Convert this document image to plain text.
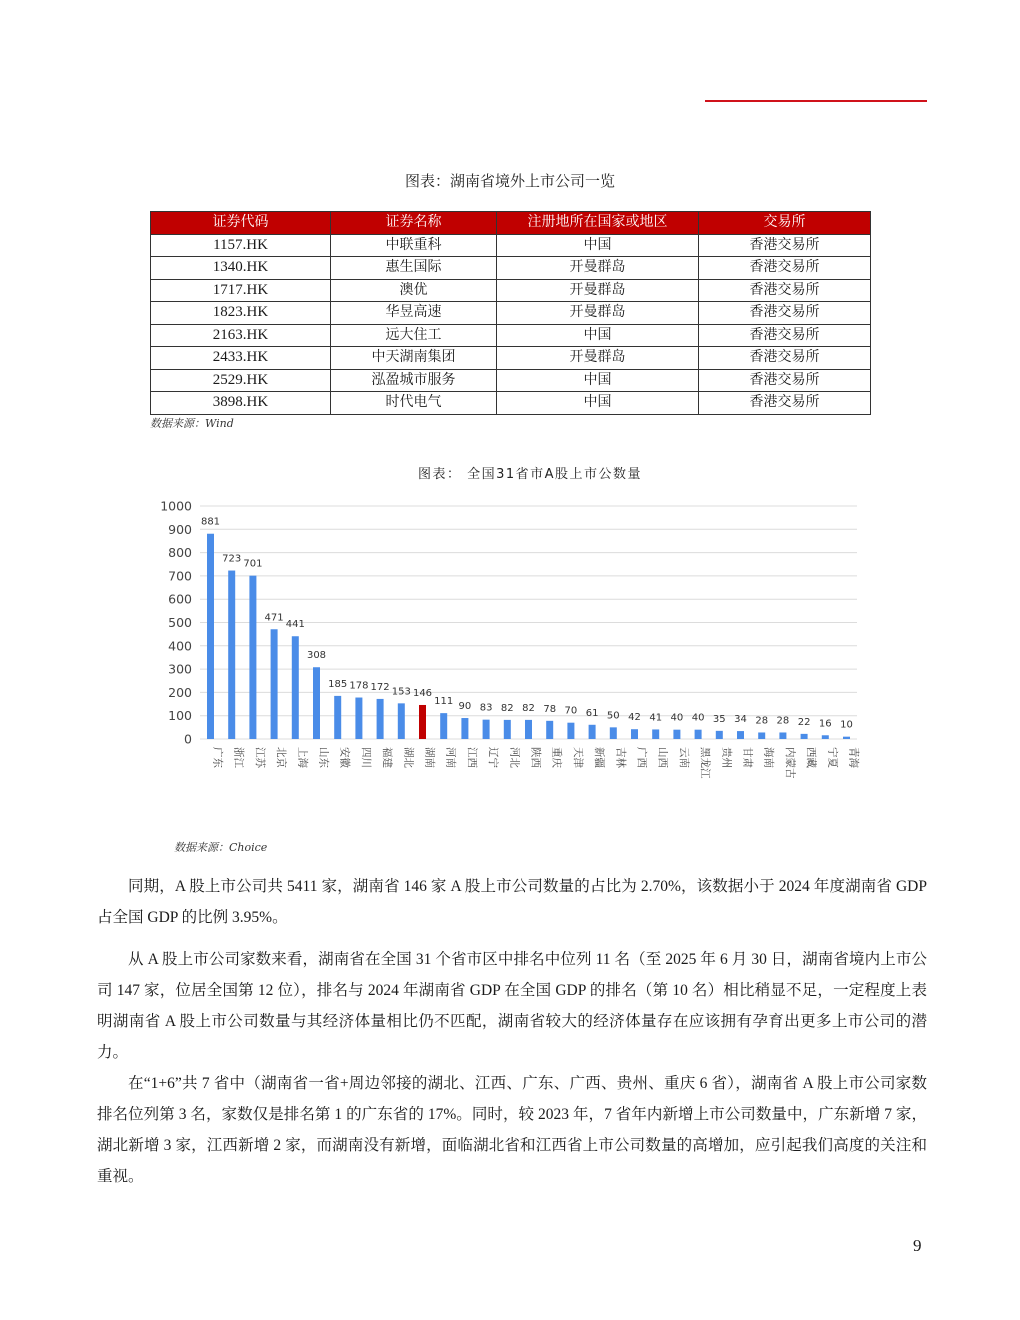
图表：湖南省境外上市公司一览
证券代码	证券名称	注册地所在国家或地区	交易所
1157.HK	中联重科	中国	香港交易所
1340.HK	惠生国际	开曼群岛	香港交易所
1717.HK	澳优	开曼群岛	香港交易所
1823.HK	华昱高速	开曼群岛	香港交易所
2163.HK	远大住工	中国	香港交易所
2433.HK	中天湖南集团	开曼群岛	香港交易所
2529.HK	泓盈城市服务	中国	香港交易所
3898.HK	时代电气	中国	香港交易所
数据来源：Wind
图表： 全国31省市A股上市公数量
0
100
200
300
400
500
600
700
800
900
1000
881
广东
723
浙江
701
江苏
471
北京
441
上海
308
山东
185
安徽
178
四川
172
福建
153
湖北
146
湖南
111
河南
90
江西
83
辽宁
82
河北
82
陕西
78
重庆
70
天津
61
新疆
50
吉林
42
广西
41
山西
40
云南
40
黑龙江
35
贵州
34
甘肃
28
海南
28
内蒙古
22
西藏
16
宁夏
10
青海
数据来源：Choice

同期，A 股上市公司共 5411 家，湖南省 146 家 A 股上市公司数量的占比为 2.70%，该数据小于 2024 年度湖南省 GDP 占全国 GDP 的比例 3.95%。

从 A 股上市公司家数来看，湖南省在全国 31 个省市区中排名中位列 11 名（至 2025 年 6 月 30 日，湖南省境内上市公司 147 家，位居全国第 12 位），排名与 2024 年湖南省 GDP 在全国 GDP 的排名（第 10 名）相比稍显不足，一定程度上表明湖南省 A 股上市公司数量与其经济体量相比仍不匹配，湖南省较大的经济体量存在应该拥有孕育出更多上市公司的潜力。

在“1+6”共 7 省中（湖南省一省+周边邻接的湖北、江西、广东、广西、贵州、重庆 6 省），湖南省 A 股上市公司家数排名位列第 3 名，家数仅是排名第 1 的广东省的 17%。同时，较 2023 年，7 省年内新增上市公司数量中，广东新增 7 家，湖北新增 3 家，江西新增 2 家，而湖南没有新增，面临湖北省和江西省上市公司数量的高增加，应引起我们高度的关注和重视。

9
